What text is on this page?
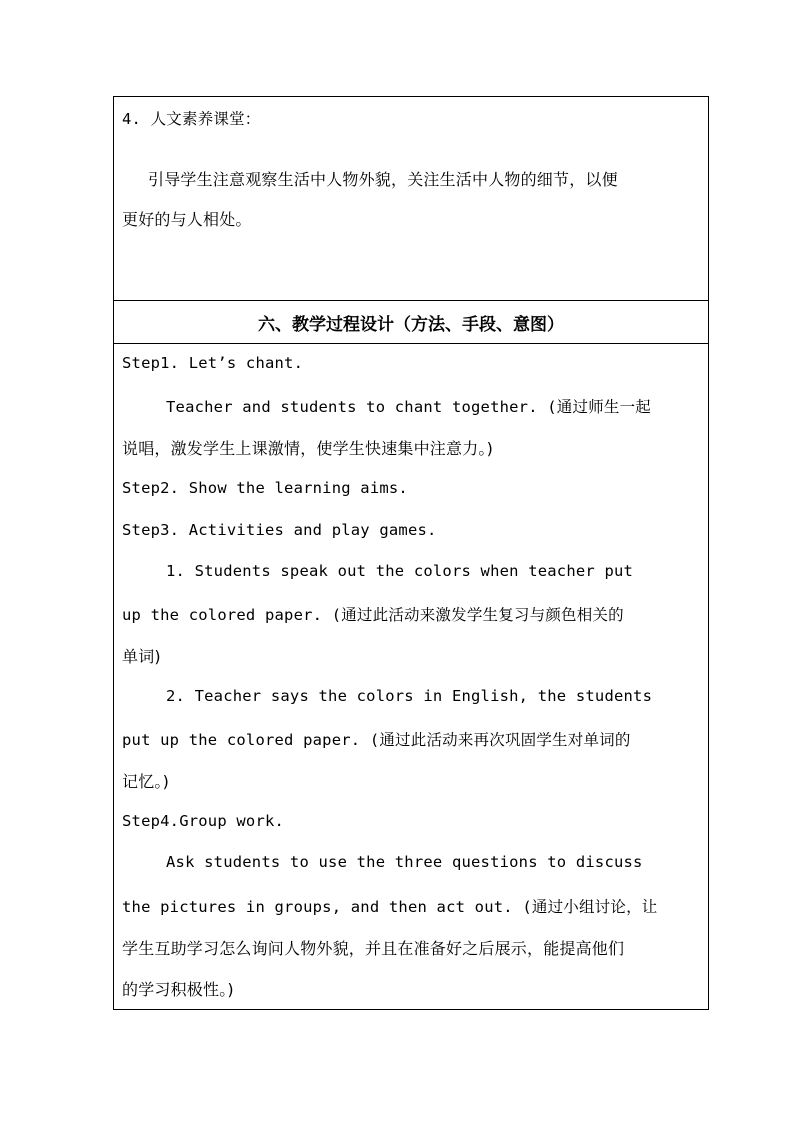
4. 人文素养课堂：
引导学生注意观察生活中人物外貌，关注生活中人物的细节，以便
更好的与人相处。
六、教学过程设计（方法、手段、意图）
Step1. Let’s chant.
Teacher and students to chant together. (通过师生一起
说唱，激发学生上课激情，使学生快速集中注意力。)
Step2. Show the learning aims.
Step3. Activities and play games.
1. Students speak out the colors when teacher put
up the colored paper. (通过此活动来激发学生复习与颜色相关的
单词)
2. Teacher says the colors in English, the students
put up the colored paper. (通过此活动来再次巩固学生对单词的
记忆。)
Step4.Group work.
Ask students to use the three questions to discuss
the pictures in groups, and then act out. (通过小组讨论，让
学生互助学习怎么询问人物外貌，并且在准备好之后展示，能提高他们
的学习积极性。)
